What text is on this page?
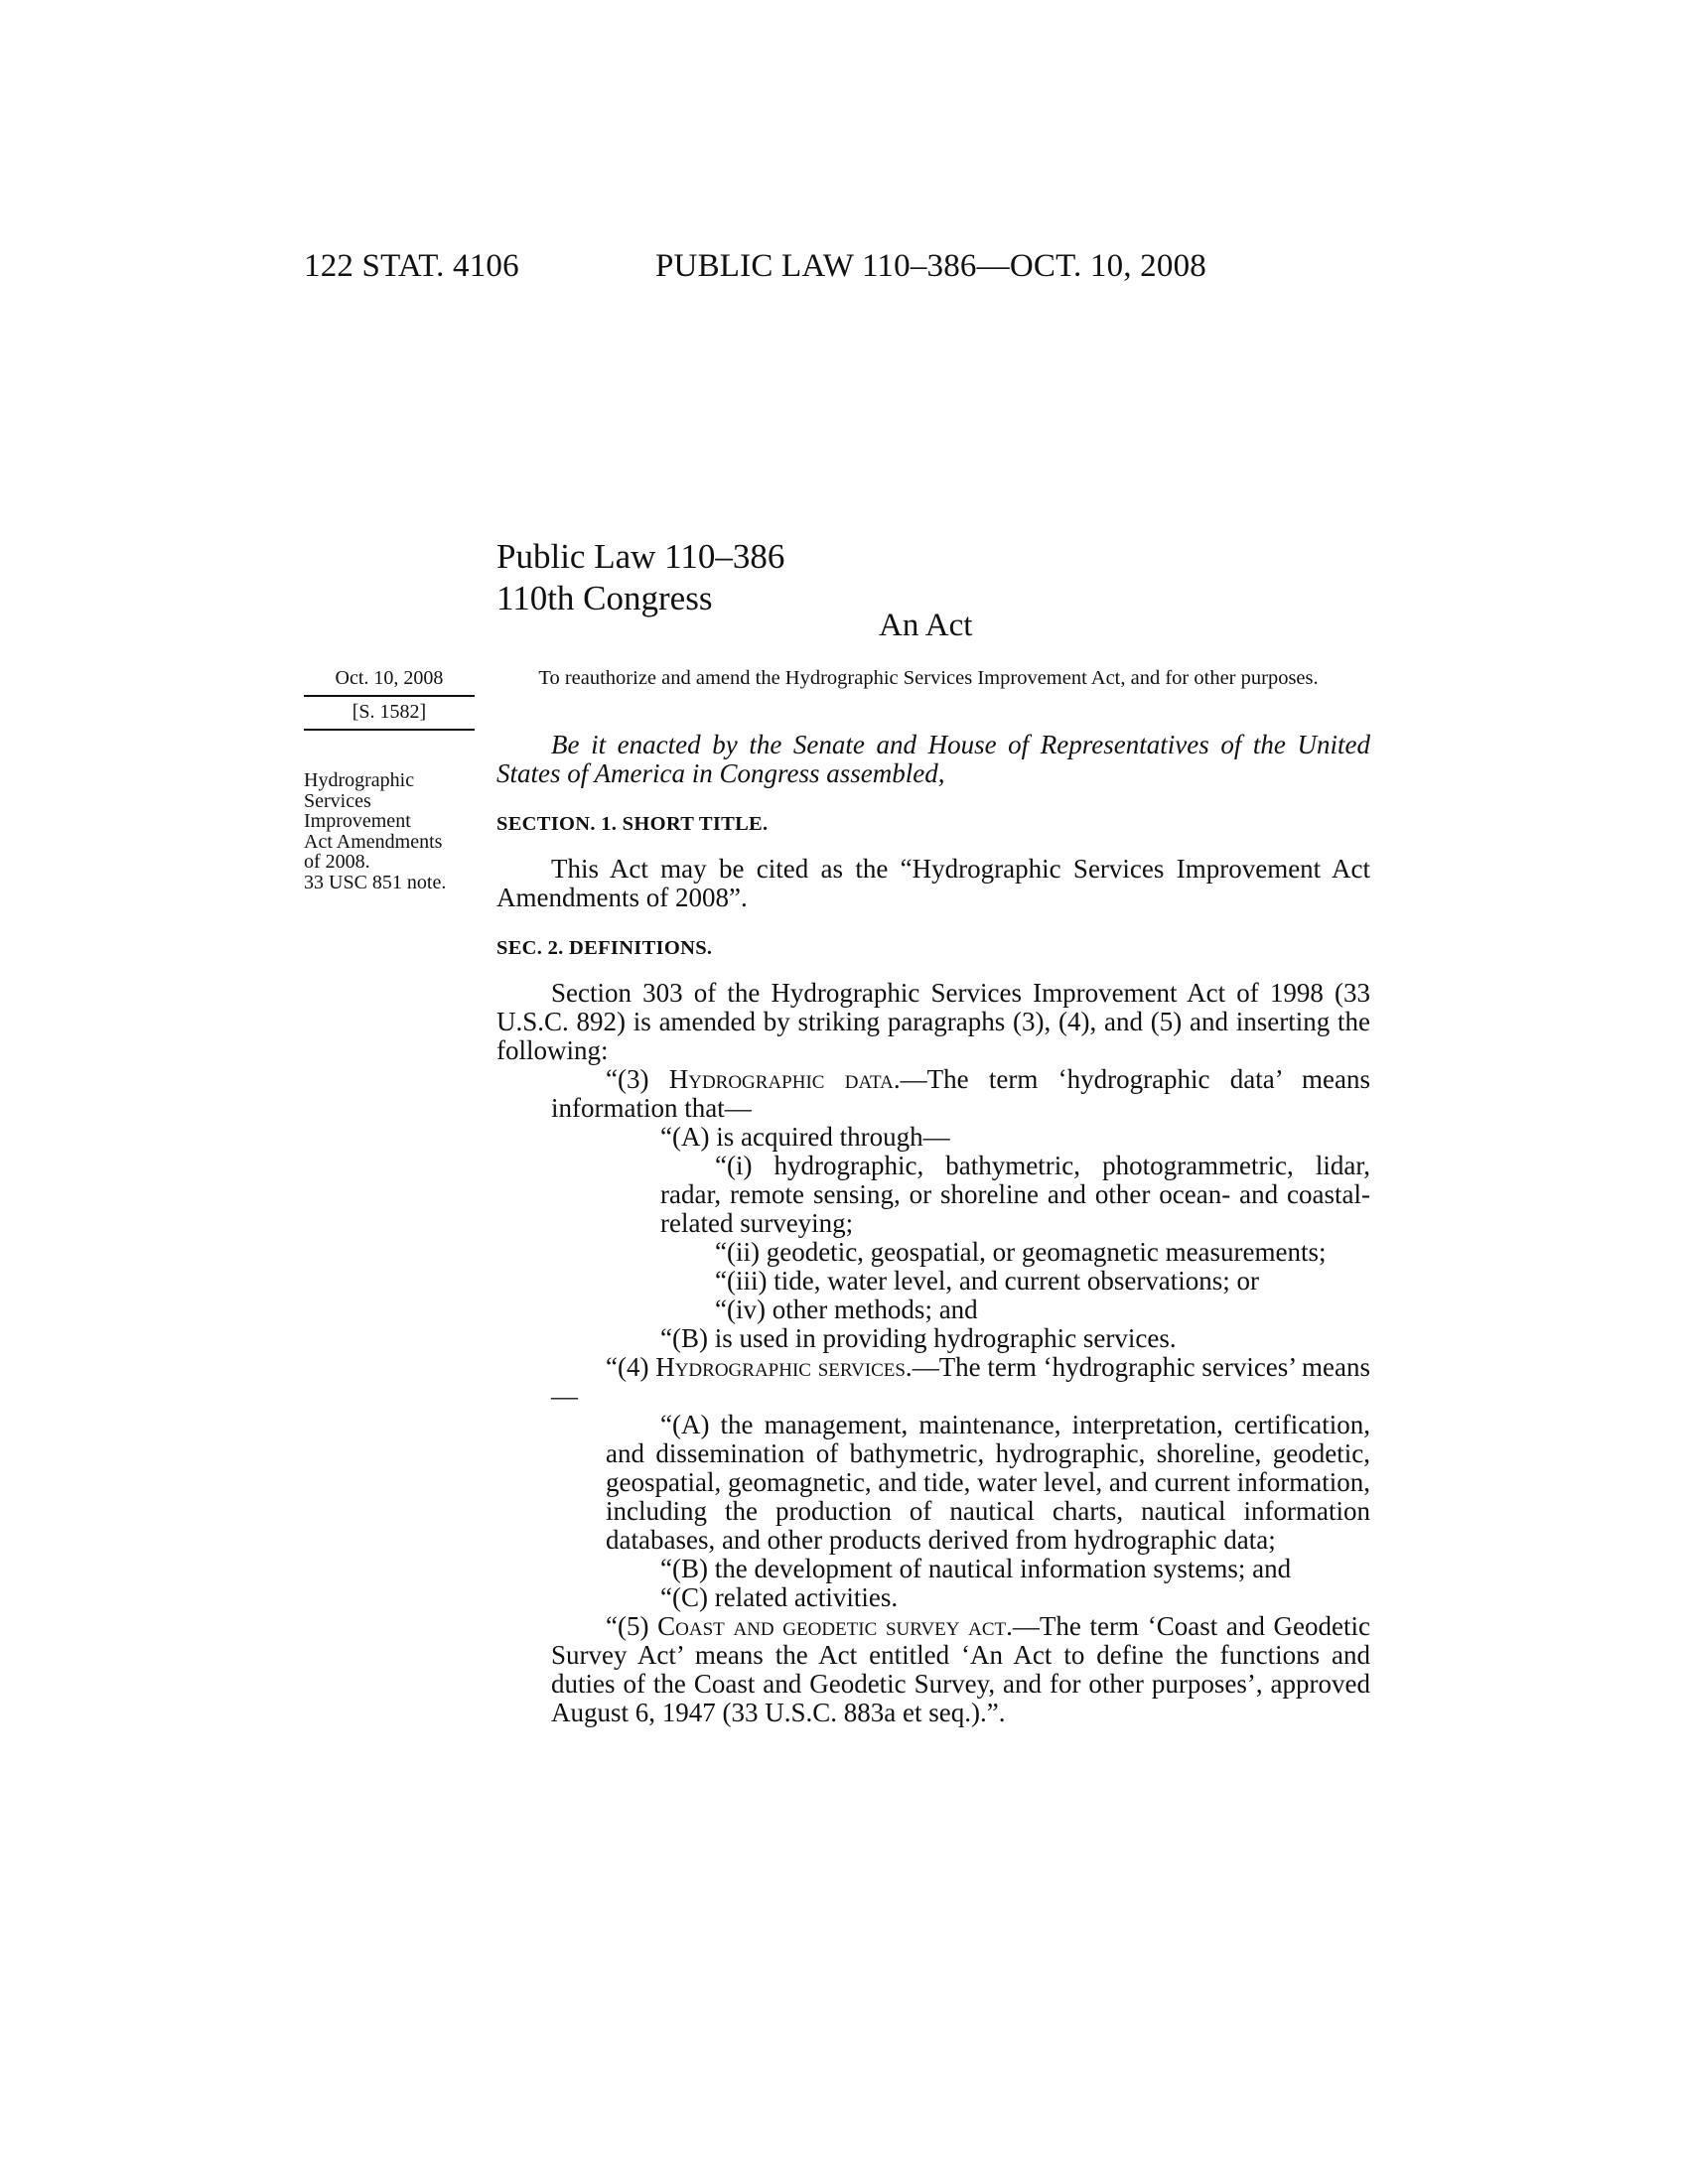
122 STAT. 4106	PUBLIC LAW 110–386—OCT. 10, 2008
Public Law 110–386
110th Congress
An Act
Oct. 10, 2008
[S. 1582]
To reauthorize and amend the Hydrographic Services Improvement Act, and for other purposes.
Hydrographic
Services
Improvement
Act Amendments
of 2008.
33 USC 851 note.

Be it enacted by the Senate and House of Representatives of the United States of America in Congress assembled,

SECTION. 1. SHORT TITLE.

This Act may be cited as the “Hydrographic Services Improvement Act Amendments of 2008”.

SEC. 2. DEFINITIONS.

Section 303 of the Hydrographic Services Improvement Act of 1998 (33 U.S.C. 892) is amended by striking paragraphs (3), (4), and (5) and inserting the following:

“(3) Hydrographic data.—The term ‘hydrographic data’ means information that—

“(A) is acquired through—

“(i) hydrographic, bathymetric, photogrammetric, lidar, radar, remote sensing, or shoreline and other ocean- and coastal-related surveying;

“(ii) geodetic, geospatial, or geomagnetic measurements;

“(iii) tide, water level, and current observations; or

“(iv) other methods; and

“(B) is used in providing hydrographic services.

“(4) Hydrographic services.—The term ‘hydrographic services’ means—

“(A) the management, maintenance, interpretation, certification, and dissemination of bathymetric, hydrographic, shoreline, geodetic, geospatial, geomagnetic, and tide, water level, and current information, including the production of nautical charts, nautical information databases, and other products derived from hydrographic data;

“(B) the development of nautical information systems; and

“(C) related activities.

“(5) Coast and geodetic survey act.—The term ‘Coast and Geodetic Survey Act’ means the Act entitled ‘An Act to define the functions and duties of the Coast and Geodetic Survey, and for other purposes’, approved August 6, 1947 (33 U.S.C. 883a et seq.).”.
